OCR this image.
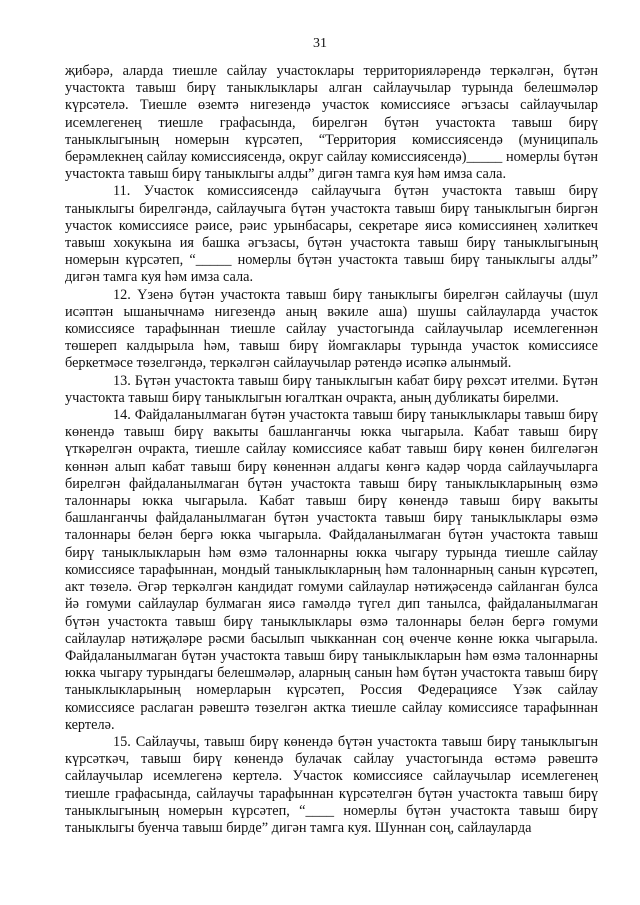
31

җибәрә, аларда тиешле сайлау участоклары территорияләрендә теркәлгән, бүтән участокта тавыш бирү таныклыклары алган сайлаучылар турында белешмәләр күрсәтелә. Тиешле өземтә нигезендә участок комиссиясе әгъзасы сайлаучылар исемлегенең тиешле графасында, бирелгән бүтән участокта тавыш бирү таныклыгының номерын күрсәтеп, “Территория комиссиясендә (муниципаль берәмлекнең сайлау комиссиясендә, округ сайлау комиссиясендә)_____ номерлы бүтән участокта тавыш бирү таныклыгы алды” дигән тамга куя һәм имза сала.

11. Участок комиссиясендә сайлаучыга бүтән участокта тавыш бирү таныклыгы бирелгәндә, сайлаучыга бүтән участокта тавыш бирү таныклыгын биргән участок комиссиясе рәисе, рәис урынбасары, секретаре яисә комиссиянең хәлиткеч тавыш хокукына ия башка әгъзасы, бүтән участокта тавыш бирү таныклыгының номерын күрсәтеп, “_____ номерлы бүтән участокта тавыш бирү таныклыгы алды” дигән тамга куя һәм имза сала.

12. Үзенә бүтән участокта тавыш бирү таныклыгы бирелгән сайлаучы (шул исәптән ышанычнамә нигезендә аның вәкиле аша) шушы сайлауларда участок комиссиясе тарафыннан тиешле сайлау участогында сайлаучылар исемлегеннән төшереп калдырыла һәм, тавыш бирү йомгаклары турында участок комиссиясе беркетмәсе төзелгәндә, теркәлгән сайлаучылар рәтендә исәпкә алынмый.

13. Бүтән участокта тавыш бирү таныклыгын кабат бирү рөхсәт ителми. Бүтән участокта тавыш бирү таныклыгын югалткан очракта, аның дубликаты бирелми.

14. Файдаланылмаган бүтән участокта тавыш бирү таныклыклары тавыш бирү көнендә тавыш бирү вакыты башланганчы юкка чыгарыла. Кабат тавыш бирү үткәрелгән очракта, тиешле сайлау комиссиясе кабат тавыш бирү көнен билгеләгән көннән алып кабат тавыш бирү көненнән алдагы көнгә кадәр чорда сайлаучыларга бирелгән файдаланылмаган бүтән участокта тавыш бирү таныклыкларының өзмә талоннары юкка чыгарыла. Кабат тавыш бирү көнендә тавыш бирү вакыты башланганчы файдаланылмаган бүтән участокта тавыш бирү таныклыклары өзмә талоннары белән бергә юкка чыгарыла. Файдаланылмаган бүтән участокта тавыш бирү таныклыкларын һәм өзмә талоннарны юкка чыгару турында тиешле сайлау комиссиясе тарафыннан, мондый таныклыкларның һәм талоннарның санын күрсәтеп, акт төзелә. Әгәр теркәлгән кандидат гомуми сайлаулар нәтиҗәсендә сайланган булса йә гомуми сайлаулар булмаган яисә гамәлдә түгел дип танылса, файдаланылмаган бүтән участокта тавыш бирү таныклыклары өзмә талоннары белән бергә гомуми сайлаулар нәтиҗәләре рәсми басылып чыкканнан соң өченче көнне юкка чыгарыла. Файдаланылмаган бүтән участокта тавыш бирү таныклыкларын һәм өзмә талоннарны юкка чыгару турындагы белешмәләр, аларның санын һәм бүтән участокта тавыш бирү таныклыкларының номерларын күрсәтеп, Россия Федерациясе Үзәк сайлау комиссиясе раслаган рәвештә төзелгән актка тиешле сайлау комиссиясе тарафыннан кертелә.

15. Сайлаучы, тавыш бирү көнендә бүтән участокта тавыш бирү таныклыгын күрсәткәч, тавыш бирү көнендә булачак сайлау участогында өстәмә рәвештә сайлаучылар исемлегенә кертелә. Участок комиссиясе сайлаучылар исемлегенең тиешле графасында, сайлаучы тарафыннан күрсәтелгән бүтән участокта тавыш бирү таныклыгының номерын күрсәтеп, “____ номерлы бүтән участокта тавыш бирү таныклыгы буенча тавыш бирде” дигән тамга куя. Шуннан соң, сайлауларда
